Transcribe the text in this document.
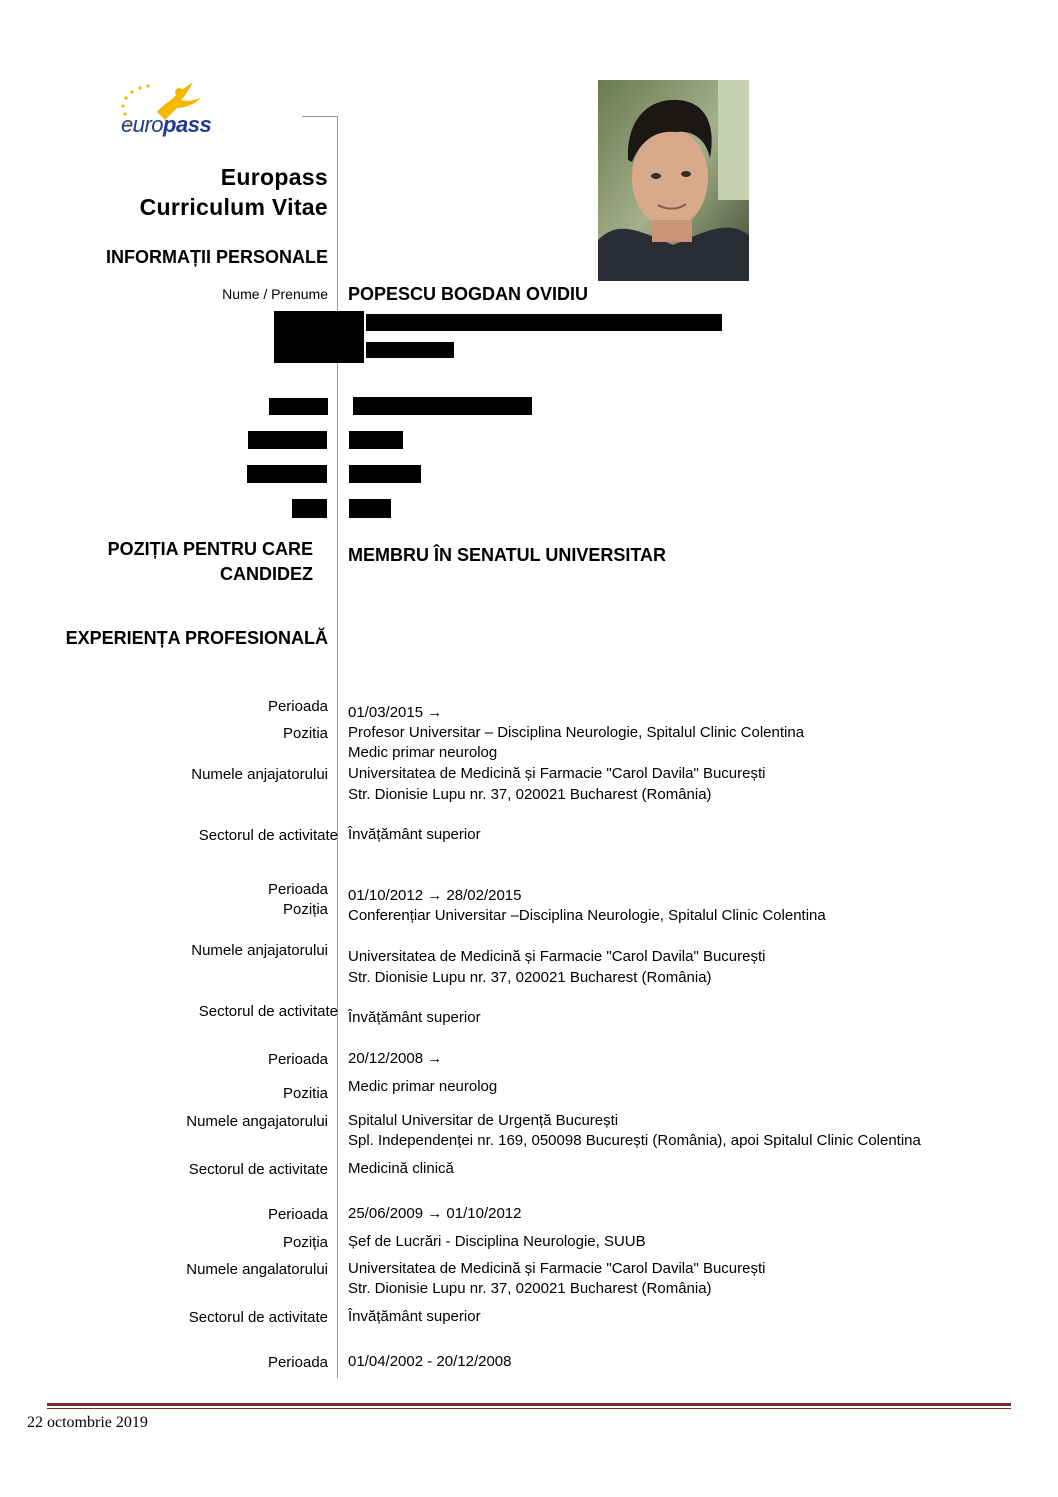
europass
Europass
Curriculum Vitae
INFORMAȚII PERSONALE
Nume / Prenume POPESCU BOGDAN OVIDIU
POZIȚIA PENTRU CARE
CANDIDEZ
MEMBRU ÎN SENATUL UNIVERSITAR
EXPERIENȚA PROFESIONALĂ
Perioada 01/03/2015 →
Pozitia Profesor Universitar – Disciplina Neurologie, Spitalul Clinic Colentina
Medic primar neurolog
Numele anjajatorului Universitatea de Medicină și Farmacie "Carol Davila" București
Str. Dionisie Lupu nr. 37, 020021 Bucharest (România)
Sectorul de activitate Învățământ superior
Perioada 01/10/2012 → 28/02/2015
Poziția Conferențiar Universitar –Disciplina Neurologie, Spitalul Clinic Colentina
Numele anjajatorului Universitatea de Medicină și Farmacie "Carol Davila" București
Str. Dionisie Lupu nr. 37, 020021 Bucharest (România)
Sectorul de activitate Învățământ superior
Perioada 20/12/2008 →
Pozitia Medic primar neurolog
Numele angajatorului Spitalul Universitar de Urgență București
Spl. Independenței nr. 169, 050098 București (România), apoi Spitalul Clinic Colentina
Sectorul de activitate Medicină clinică
Perioada 25/06/2009 → 01/10/2012
Poziția Șef de Lucrări - Disciplina Neurologie, SUUB
Numele angalatorului Universitatea de Medicină și Farmacie "Carol Davila" București
Str. Dionisie Lupu nr. 37, 020021 Bucharest (România)
Sectorul de activitate Învățământ superior
Perioada 01/04/2002 - 20/12/2008
22 octombrie 2019
